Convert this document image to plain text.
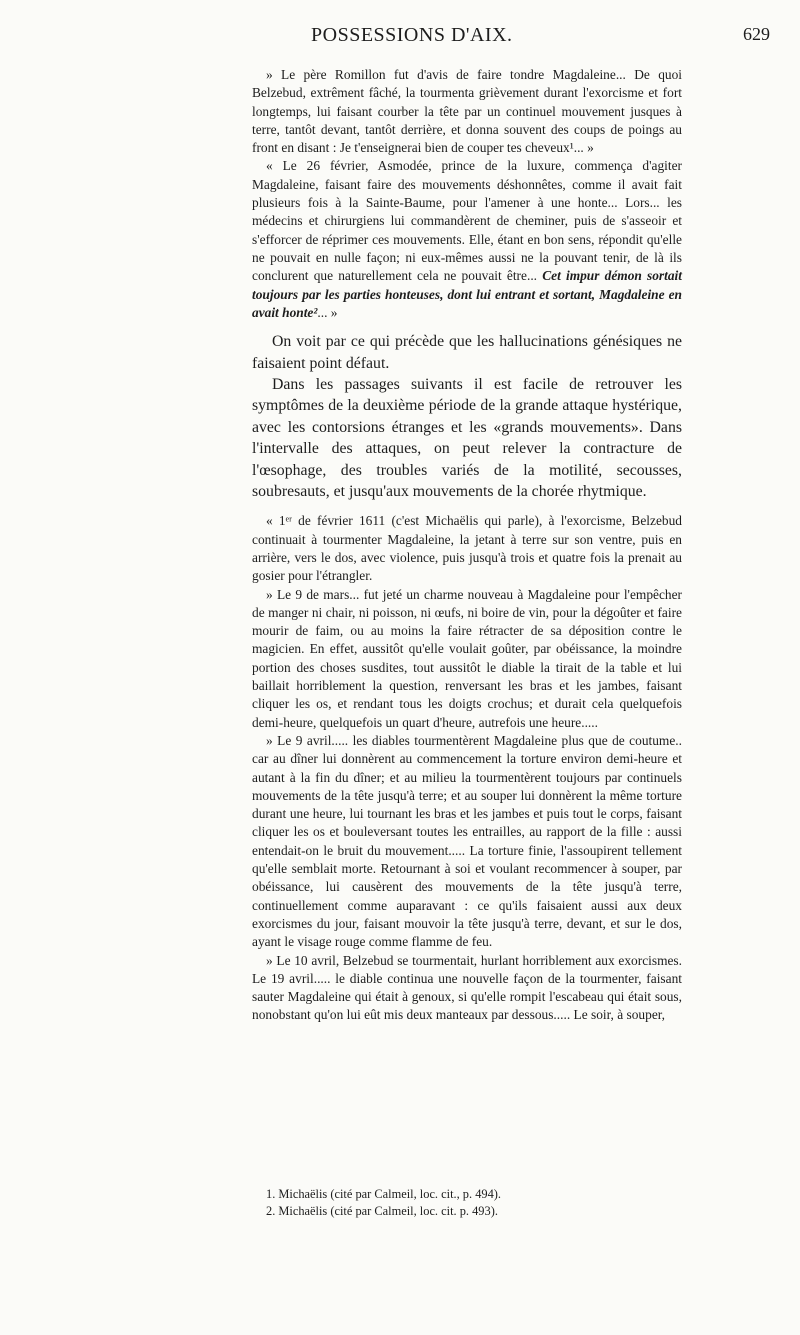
POSSESSIONS D'AIX.	629

» Le père Romillon fut d'avis de faire tondre Magdaleine... De quoi Belzebud, extrêment fâché, la tourmenta grièvement durant l'exorcisme et fort longtemps, lui faisant courber la tête par un continuel mouvement jusques à terre, tantôt devant, tantôt derrière, et donna souvent des coups de poings au front en disant : Je t'enseignerai bien de couper tes cheveux¹... »

« Le 26 février, Asmodée, prince de la luxure, commença d'agiter Magdaleine, faisant faire des mouvements déshonnêtes, comme il avait fait plusieurs fois à la Sainte-Baume, pour l'amener à une honte... Lors... les médecins et chirurgiens lui commandèrent de cheminer, puis de s'asseoir et s'efforcer de réprimer ces mouvements. Elle, étant en bon sens, répondit qu'elle ne pouvait en nulle façon; ni eux-mêmes aussi ne la pouvant tenir, de là ils conclurent que naturellement cela ne pouvait être... Cet impur démon sortait toujours par les parties honteuses, dont lui entrant et sortant, Magdaleine en avait honte²... »

On voit par ce qui précède que les hallucinations génésiques ne faisaient point défaut.

Dans les passages suivants il est facile de retrouver les symptômes de la deuxième période de la grande attaque hystérique, avec les contorsions étranges et les «grands mouvements». Dans l'intervalle des attaques, on peut relever la contracture de l'œsophage, des troubles variés de la motilité, secousses, soubresauts, et jusqu'aux mouvements de la chorée rhytmique.

« 1ᵉʳ de février 1611 (c'est Michaëlis qui parle), à l'exorcisme, Belzebud continuait à tourmenter Magdaleine, la jetant à terre sur son ventre, puis en arrière, vers le dos, avec violence, puis jusqu'à trois et quatre fois la prenait au gosier pour l'étrangler.

» Le 9 de mars... fut jeté un charme nouveau à Magdaleine pour l'empêcher de manger ni chair, ni poisson, ni œufs, ni boire de vin, pour la dégoûter et faire mourir de faim, ou au moins la faire rétracter de sa déposition contre le magicien. En effet, aussitôt qu'elle voulait goûter, par obéissance, la moindre portion des choses susdites, tout aussitôt le diable la tirait de la table et lui baillait horriblement la question, renversant les bras et les jambes, faisant cliquer les os, et rendant tous les doigts crochus; et durait cela quelquefois demi-heure, quelquefois un quart d'heure, autrefois une heure.....

» Le 9 avril..... les diables tourmentèrent Magdaleine plus que de coutume.. car au dîner lui donnèrent au commencement la torture environ demi-heure et autant à la fin du dîner; et au milieu la tourmentèrent toujours par continuels mouvements de la tête jusqu'à terre; et au souper lui donnèrent la même torture durant une heure, lui tournant les bras et les jambes et puis tout le corps, faisant cliquer les os et bouleversant toutes les entrailles, au rapport de la fille : aussi entendait-on le bruit du mouvement..... La torture finie, l'assoupirent tellement qu'elle semblait morte. Retournant à soi et voulant recommencer à souper, par obéissance, lui causèrent des mouvements de la tête jusqu'à terre, continuellement comme auparavant : ce qu'ils faisaient aussi aux deux exorcismes du jour, faisant mouvoir la tête jusqu'à terre, devant, et sur le dos, ayant le visage rouge comme flamme de feu.

» Le 10 avril, Belzebud se tourmentait, hurlant horriblement aux exorcismes. Le 19 avril..... le diable continua une nouvelle façon de la tourmenter, faisant sauter Magdaleine qui était à genoux, si qu'elle rompit l'escabeau qui était sous, nonobstant qu'on lui eût mis deux manteaux par dessous..... Le soir, à souper,

1. Michaëlis (cité par Calmeil, loc. cit., p. 494).

2. Michaëlis (cité par Calmeil, loc. cit. p. 493).
